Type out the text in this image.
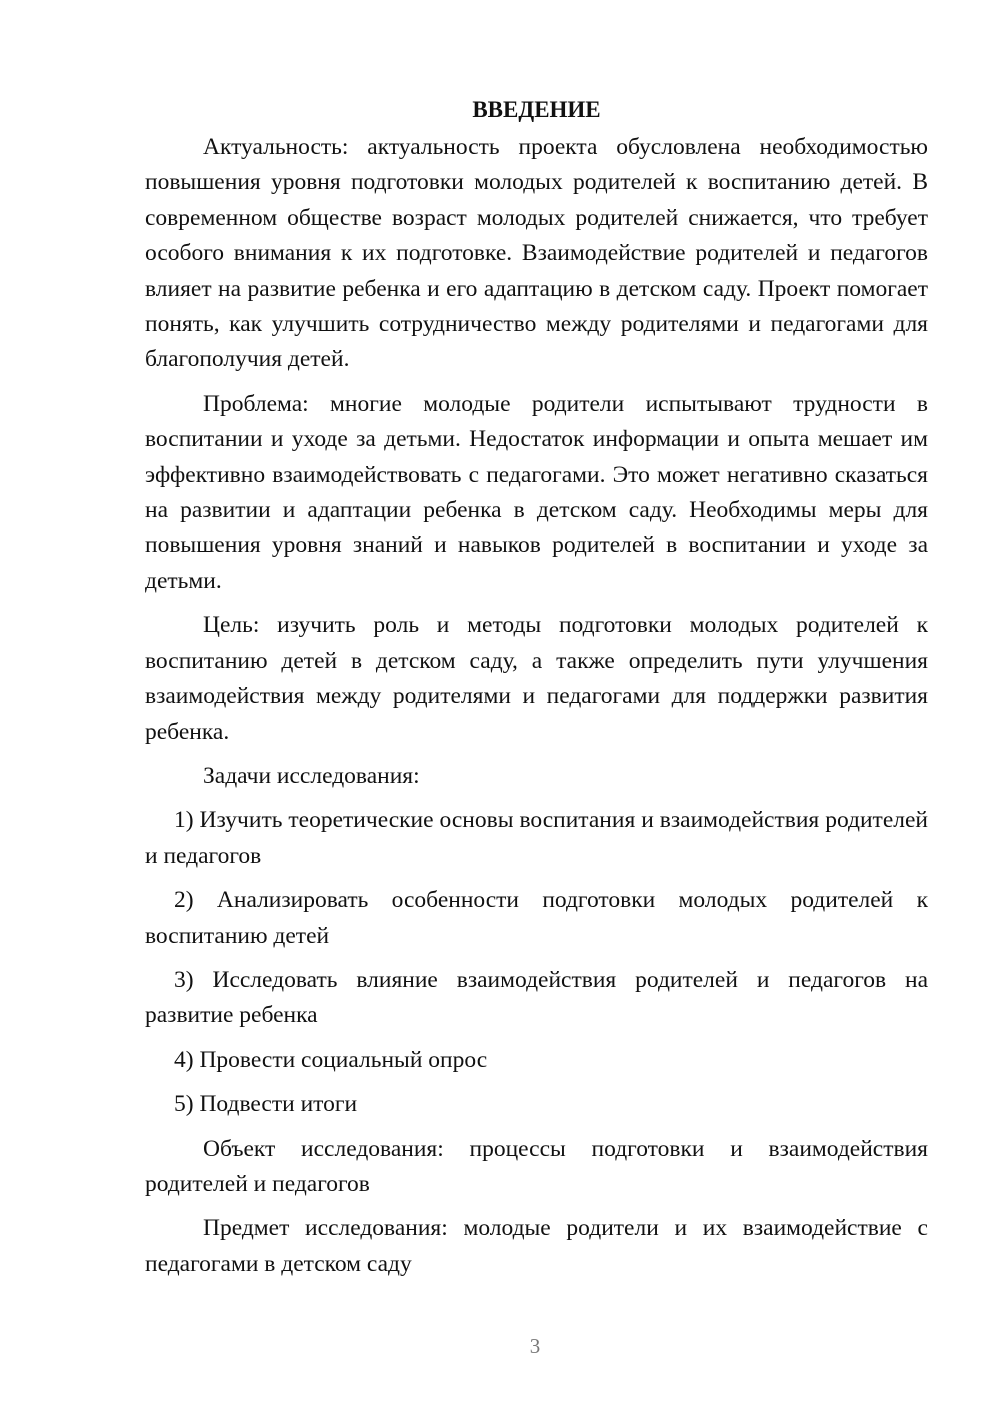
ВВЕДЕНИЕ

Актуальность: актуальность проекта обусловлена необходимостью повышения уровня подготовки молодых родителей к воспитанию детей. В современном обществе возраст молодых родителей снижается, что требует особого внимания к их подготовке. Взаимодействие родителей и педагогов влияет на развитие ребенка и его адаптацию в детском саду. Проект помогает понять, как улучшить сотрудничество между родителями и педагогами для благополучия детей.

Проблема: многие молодые родители испытывают трудности в воспитании и уходе за детьми. Недостаток информации и опыта мешает им эффективно взаимодействовать с педагогами. Это может негативно сказаться на развитии и адаптации ребенка в детском саду. Необходимы меры для повышения уровня знаний и навыков родителей в воспитании и уходе за детьми.

Цель: изучить роль и методы подготовки молодых родителей к воспитанию детей в детском саду, а также определить пути улучшения взаимодействия между родителями и педагогами для поддержки развития ребенка.

Задачи исследования:

1) Изучить теоретические основы воспитания и взаимодействия родителей и педагогов

2) Анализировать особенности подготовки молодых родителей к воспитанию детей

3) Исследовать влияние взаимодействия родителей и педагогов на развитие ребенка

4) Провести социальный опрос

5) Подвести итоги

Объект исследования: процессы подготовки и взаимодействия родителей и педагогов

Предмет исследования: молодые родители и их взаимодействие с педагогами в детском саду

3
